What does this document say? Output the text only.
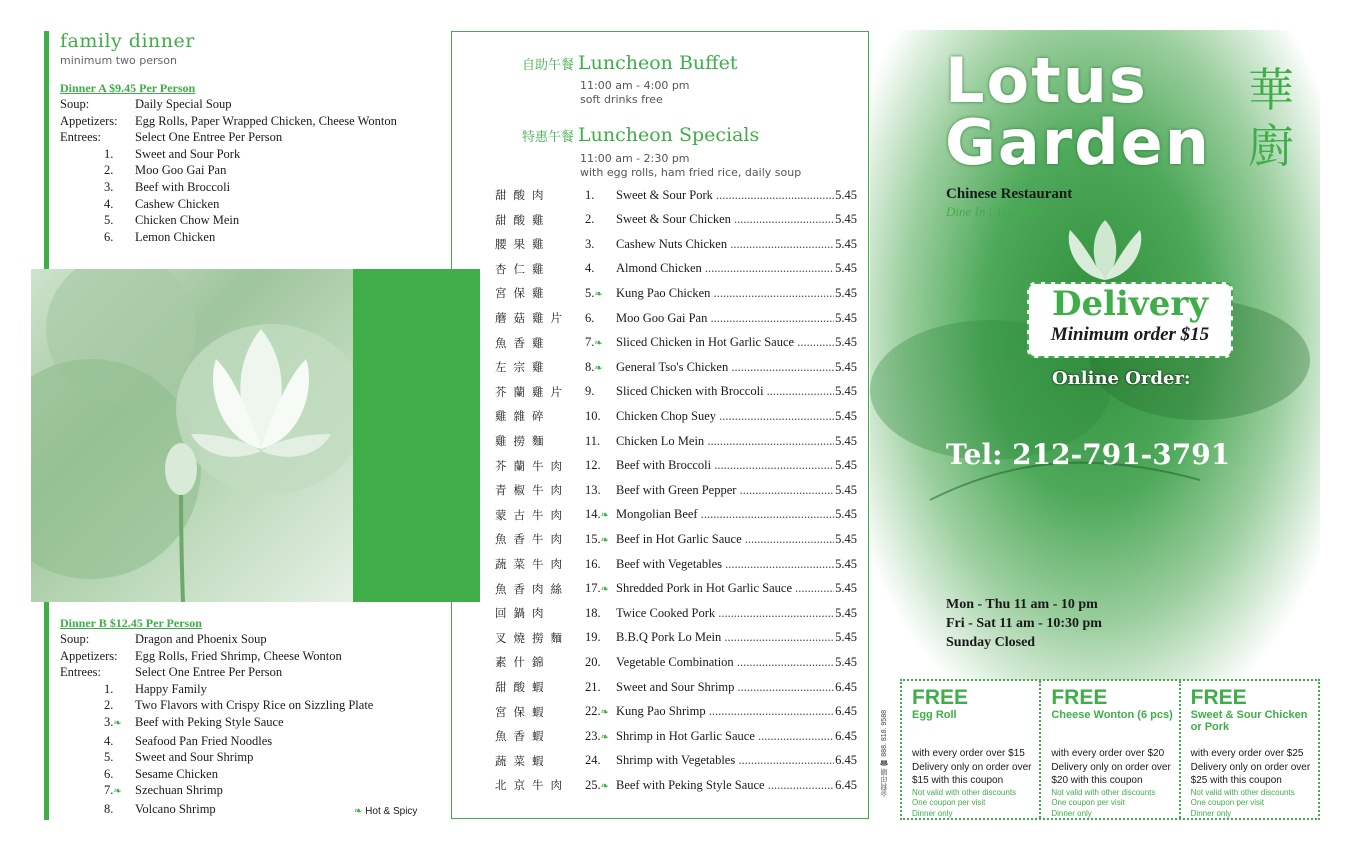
family dinner
minimum two person
Dinner A $9.45 Per Person
Soup:	Daily Special Soup
Appetizers:	Egg Rolls, Paper Wrapped Chicken, Cheese Wonton
Entrees:	Select One Entree Per Person
1.	Sweet and Sour Pork
2.	Moo Goo Gai Pan
3.	Beef with Broccoli
4.	Cashew Chicken
5.	Chicken Chow Mein
6.	Lemon Chicken
Dinner B $12.45 Per Person
Soup:	Dragon and Phoenix Soup
Appetizers:	Egg Rolls, Fried Shrimp, Cheese Wonton
Entrees:	Select One Entree Per Person
1.	Happy Family
2.	Two Flavors with Crispy Rice on Sizzling Plate
3.❧	Beef with Peking Style Sauce
4.	Seafood Pan Fried Noodles
5.	Sweet and Sour Shrimp
6.	Sesame Chicken
7.❧	Szechuan Shrimp
8.	Volcano Shrimp	❧ Hot & Spicy
自助午餐 Luncheon Buffet
11:00 am - 4:00 pm
soft drinks free
特惠午餐 Luncheon Specials
11:00 am - 2:30 pm
with egg rolls, ham fried rice, daily soup
甜酸肉	1.	Sweet & Sour Pork .....	5.45
甜酸雞	2.	Sweet & Sour Chicken .....	5.45
腰果雞	3.	Cashew Nuts Chicken .....	5.45
杏仁雞	4.	Almond Chicken .....	5.45
宮保雞	5.❧	Kung Pao Chicken .....	5.45
蘑菇雞片	6.	Moo Goo Gai Pan .....	5.45
魚香雞	7.❧	Sliced Chicken in Hot Garlic Sauce .....	5.45
左宗雞	8.❧	General Tso's Chicken .....	5.45
芥蘭雞片	9.	Sliced Chicken with Broccoli .....	5.45
雞雜碎	10.	Chicken Chop Suey .....	5.45
雞撈麵	11.	Chicken Lo Mein .....	5.45
芥蘭牛肉	12.	Beef with Broccoli .....	5.45
青椒牛肉	13.	Beef with Green Pepper .....	5.45
蒙古牛肉	14.❧ Mongolian Beef .....	5.45
魚香牛肉	15.❧ Beef in Hot Garlic Sauce .....	5.45
蔬菜牛肉	16.	Beef with Vegetables .....	5.45
魚香肉絲	17.❧ Shredded Pork in Hot Garlic Sauce .....	5.45
回鍋肉	18.	Twice Cooked Pork .....	5.45
叉燒撈麵	19.	B.B.Q Pork Lo Mein .....	5.45
素什錦	20.	Vegetable Combination .....	5.45
甜酸蝦	21.	Sweet and Sour Shrimp .....	6.45
宮保蝦	22.❧ Kung Pao Shrimp .....	6.45
魚香蝦	23.❧ Shrimp in Hot Garlic Sauce .....	6.45
蔬菜蝦	24.	Shrimp with Vegetables .....	6.45
北京牛肉	25.❧ Beef with Peking Style Sauce .....	6.45
Lotus
Garden
華
廚
Chinese Restaurant
Dine In | Take Out
Delivery
Minimum order $15
Online Order:
Tel: 212-791-3791
Mon - Thu 11 am - 10 pm
Fri - Sat 11 am - 10:30 pm
Sunday Closed
金利印刷 ☎ 888. 818. 9588
FREE
Egg Roll
with every order over $15
Delivery only on order over
$15 with this coupon
Not valid with other discounts
One coupon per visit
Dinner only
FREE
Cheese Wonton (6 pcs)
with every order over $20
Delivery only on order over
$20 with this coupon
Not valid with other discounts
One coupon per visit
Dinner only
FREE
Sweet & Sour Chicken or Pork
with every order over $25
Delivery only on order over
$25 with this coupon
Not valid with other discounts
One coupon per visit
Dinner only
